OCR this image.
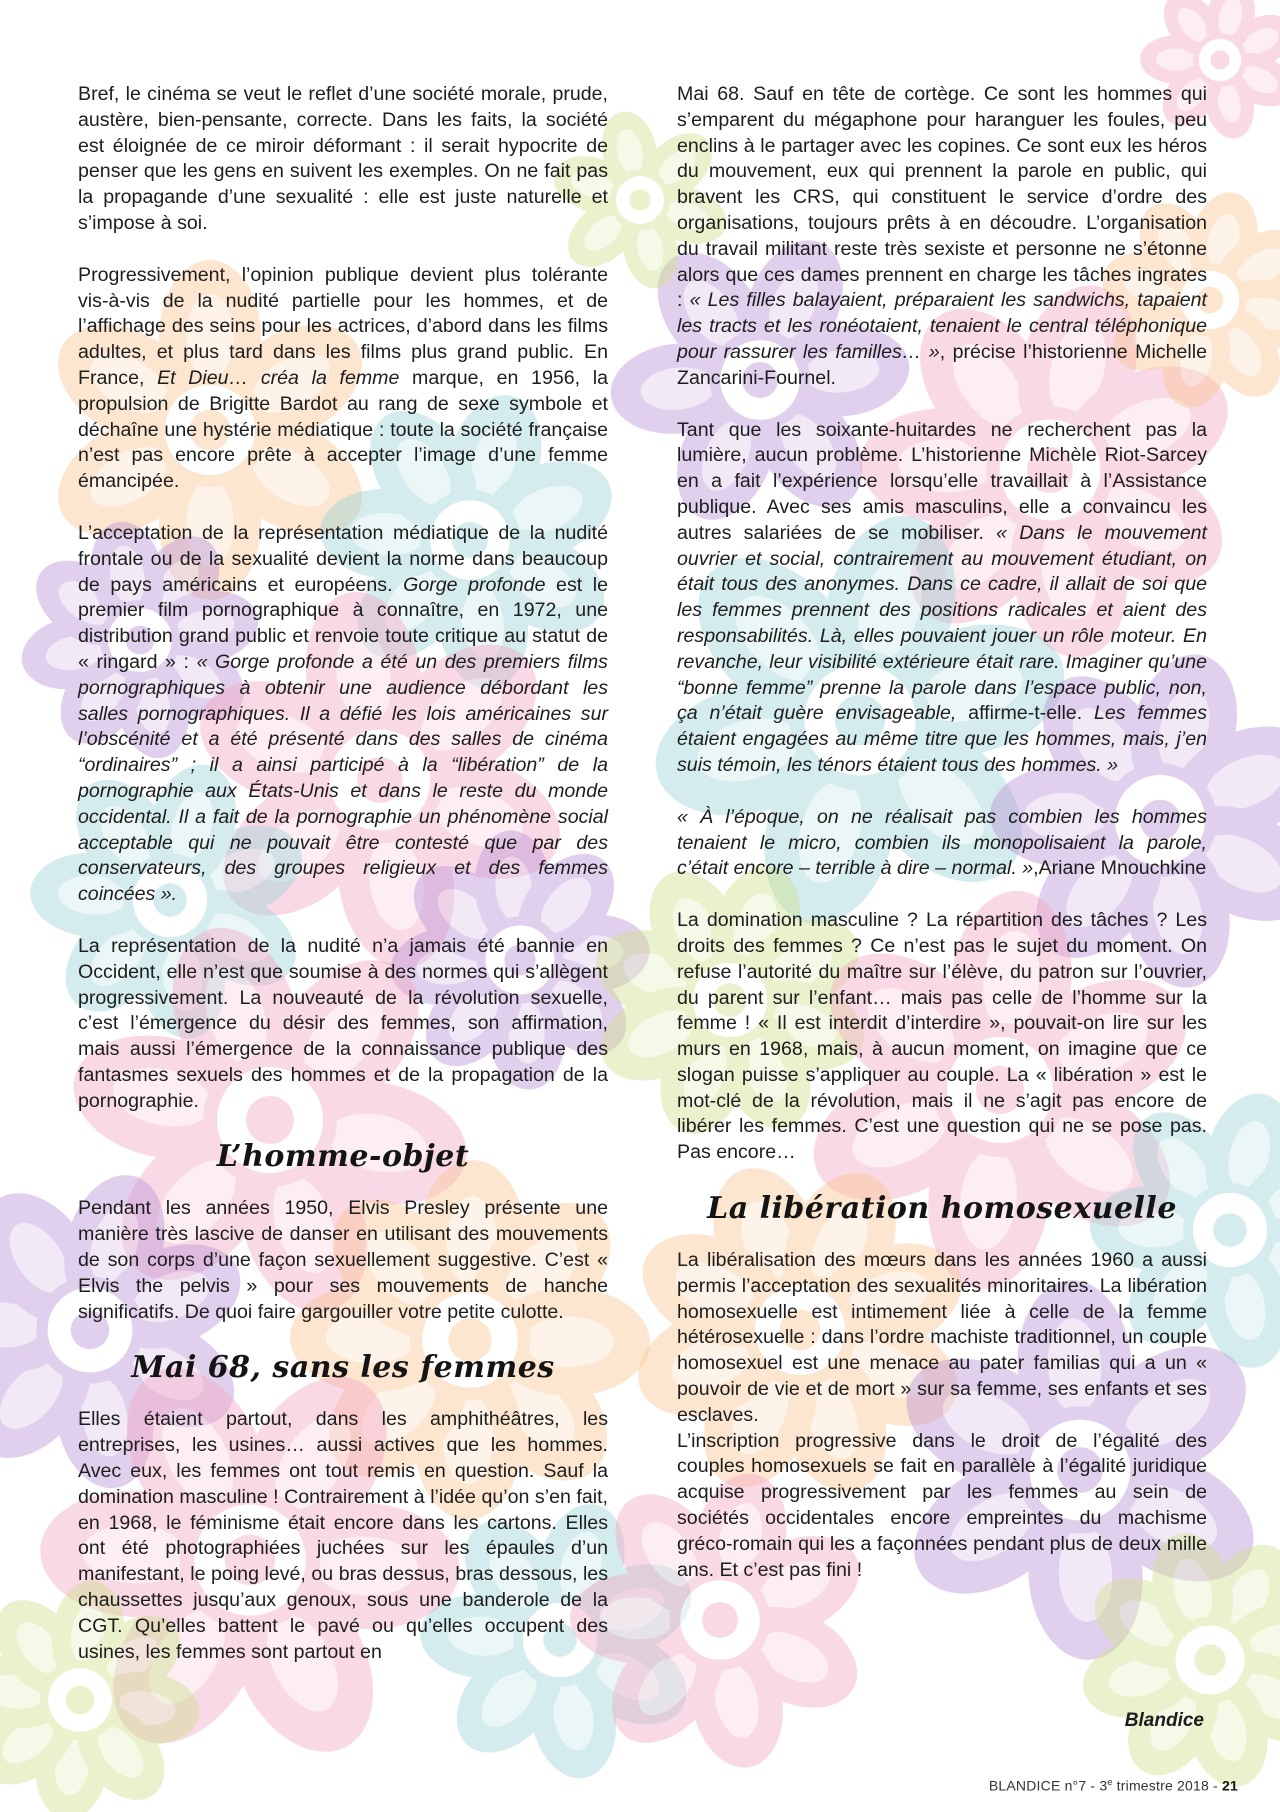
Bref, le cinéma se veut le reflet d’une société morale, prude, austère, bien-pensante, correcte. Dans les faits, la société est éloignée de ce miroir déformant : il serait hypocrite de penser que les gens en suivent les exemples. On ne fait pas la propagande d’une sexualité : elle est juste naturelle et s’impose à soi.

Progressivement, l’opinion publique devient plus tolérante vis-à-vis de la nudité partielle pour les hommes, et de l’affichage des seins pour les actrices, d’abord dans les films adultes, et plus tard dans les films plus grand public. En France, Et Dieu… créa la femme marque, en 1956, la propulsion de Brigitte Bardot au rang de sexe symbole et déchaîne une hystérie médiatique : toute la société française n’est pas encore prête à accepter l’image d’une femme émancipée.

L’acceptation de la représentation médiatique de la nudité frontale ou de la sexualité devient la norme dans beaucoup de pays américains et européens. Gorge profonde est le premier film pornographique à connaître, en 1972, une distribution grand public et renvoie toute critique au statut de « ringard » : « Gorge profonde a été un des premiers films pornographiques à obtenir une audience débordant les salles pornographiques. Il a défié les lois américaines sur l’obscénité et a été présenté dans des salles de cinéma “ordinaires” ; il a ainsi participé à la “libération” de la pornographie aux États-Unis et dans le reste du monde occidental. Il a fait de la pornographie un phénomène social acceptable qui ne pouvait être contesté que par des conservateurs, des groupes religieux et des femmes coincées ».

La représentation de la nudité n’a jamais été bannie en Occident, elle n’est que soumise à des normes qui s’allègent progressivement. La nouveauté de la révolution sexuelle, c’est l’émergence du désir des femmes, son affirmation, mais aussi l’émergence de la connaissance publique des fantasmes sexuels des hommes et de la propagation de la pornographie.

L’homme-objet

Pendant les années 1950, Elvis Presley présente une manière très lascive de danser en utilisant des mouvements de son corps d’une façon sexuellement suggestive. C’est « Elvis the pelvis » pour ses mouvements de hanche significatifs. De quoi faire gargouiller votre petite culotte.

Mai 68, sans les femmes

Elles étaient partout, dans les amphithéâtres, les entreprises, les usines… aussi actives que les hommes. Avec eux, les femmes ont tout remis en question. Sauf la domination masculine ! Contrairement à l’idée qu’on s’en fait, en 1968, le féminisme était encore dans les cartons. Elles ont été photographiées juchées sur les épaules d’un manifestant, le poing levé, ou bras dessus, bras dessous, les chaussettes jusqu’aux genoux, sous une banderole de la CGT. Qu’elles battent le pavé ou qu’elles occupent des usines, les femmes sont partout en

Mai 68. Sauf en tête de cortège. Ce sont les hommes qui s’emparent du mégaphone pour haranguer les foules, peu enclins à le partager avec les copines. Ce sont eux les héros du mouvement, eux qui prennent la parole en public, qui bravent les CRS, qui constituent le service d’ordre des organisations, toujours prêts à en découdre. L’organisation du travail militant reste très sexiste et personne ne s’étonne alors que ces dames prennent en charge les tâches ingrates : « Les filles balayaient, préparaient les sandwichs, tapaient les tracts et les ronéotaient, tenaient le central téléphonique pour rassurer les familles… », précise l’historienne Michelle Zancarini-Fournel.

Tant que les soixante-huitardes ne recherchent pas la lumière, aucun problème. L’historienne Michèle Riot-Sarcey en a fait l’expérience lorsqu’elle travaillait à l’Assistance publique. Avec ses amis masculins, elle a convaincu les autres salariées de se mobiliser. « Dans le mouvement ouvrier et social, contrairement au mouvement étudiant, on était tous des anonymes. Dans ce cadre, il allait de soi que les femmes prennent des positions radicales et aient des responsabilités. Là, elles pouvaient jouer un rôle moteur. En revanche, leur visibilité extérieure était rare. Imaginer qu’une “bonne femme” prenne la parole dans l’espace public, non, ça n’était guère envisageable, affirme-t-elle. Les femmes étaient engagées au même titre que les hommes, mais, j’en suis témoin, les ténors étaient tous des hommes. »

« À l’époque, on ne réalisait pas combien les hommes tenaient le micro, combien ils monopolisaient la parole, c’était encore – terrible à dire – normal. »,Ariane Mnouchkine

La domination masculine ? La répartition des tâches ? Les droits des femmes ? Ce n’est pas le sujet du moment. On refuse l’autorité du maître sur l’élève, du patron sur l’ouvrier, du parent sur l’enfant… mais pas celle de l’homme sur la femme ! « Il est interdit d’interdire », pouvait-on lire sur les murs en 1968, mais, à aucun moment, on imagine que ce slogan puisse s’appliquer au couple. La « libération » est le mot-clé de la révolution, mais il ne s’agit pas encore de libérer les femmes. C’est une question qui ne se pose pas. Pas encore…

La libération homosexuelle

La libéralisation des mœurs dans les années 1960 a aussi permis l’acceptation des sexualités minoritaires. La libération homosexuelle est intimement liée à celle de la femme hétérosexuelle : dans l’ordre machiste traditionnel, un couple homosexuel est une menace au pater familias qui a un « pouvoir de vie et de mort » sur sa femme, ses enfants et ses esclaves.

L’inscription progressive dans le droit de l’égalité des couples homosexuels se fait en parallèle à l’égalité juridique acquise progressivement par les femmes au sein de sociétés occidentales encore empreintes du machisme gréco-romain qui les a façonnées pendant plus de deux mille ans. Et c’est pas fini !

Blandice
BLANDICE n°7 - 3e trimestre 2018 - 21
